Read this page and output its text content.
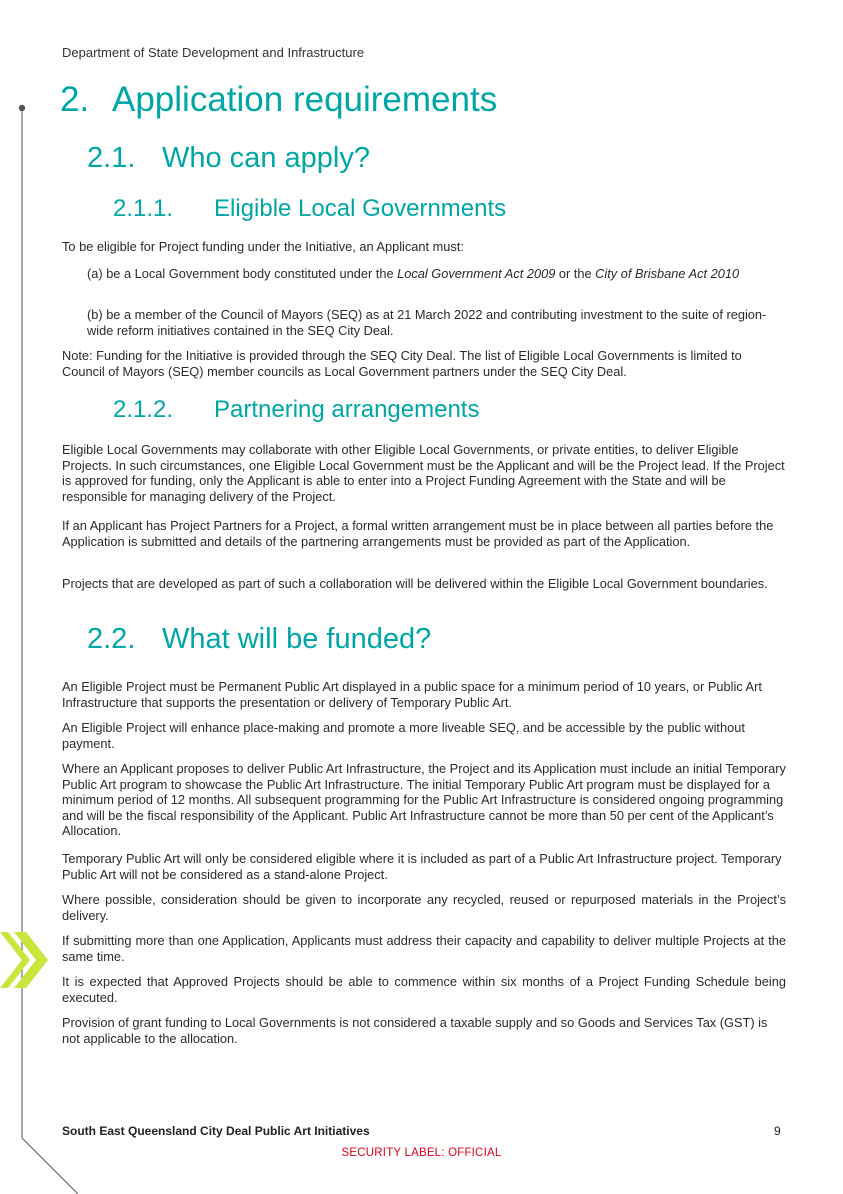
Department of State Development and Infrastructure
2. Application requirements
2.1. Who can apply?
2.1.1. Eligible Local Governments

To be eligible for Project funding under the Initiative, an Applicant must:

(a) be a Local Government body constituted under the Local Government Act 2009 or the City of Brisbane Act 2010

(b) be a member of the Council of Mayors (SEQ) as at 21 March 2022 and contributing investment to the suite of region-wide reform initiatives contained in the SEQ City Deal.

Note: Funding for the Initiative is provided through the SEQ City Deal. The list of Eligible Local Governments is limited to Council of Mayors (SEQ) member councils as Local Government partners under the SEQ City Deal.

2.1.2. Partnering arrangements

Eligible Local Governments may collaborate with other Eligible Local Governments, or private entities, to deliver Eligible Projects. In such circumstances, one Eligible Local Government must be the Applicant and will be the Project lead. If the Project is approved for funding, only the Applicant is able to enter into a Project Funding Agreement with the State and will be responsible for managing delivery of the Project.

If an Applicant has Project Partners for a Project, a formal written arrangement must be in place between all parties before the Application is submitted and details of the partnering arrangements must be provided as part of the Application.

Projects that are developed as part of such a collaboration will be delivered within the Eligible Local Government boundaries.

2.2. What will be funded?

An Eligible Project must be Permanent Public Art displayed in a public space for a minimum period of 10 years, or Public Art Infrastructure that supports the presentation or delivery of Temporary Public Art.

An Eligible Project will enhance place-making and promote a more liveable SEQ, and be accessible by the public without payment.

Where an Applicant proposes to deliver Public Art Infrastructure, the Project and its Application must include an initial Temporary Public Art program to showcase the Public Art Infrastructure. The initial Temporary Public Art program must be displayed for a minimum period of 12 months. All subsequent programming for the Public Art Infrastructure is considered ongoing programming and will be the fiscal responsibility of the Applicant. Public Art Infrastructure cannot be more than 50 per cent of the Applicant’s Allocation.

Temporary Public Art will only be considered eligible where it is included as part of a Public Art Infrastructure project. Temporary Public Art will not be considered as a stand-alone Project.

Where possible, consideration should be given to incorporate any recycled, reused or repurposed materials in the Project’s delivery.

If submitting more than one Application, Applicants must address their capacity and capability to deliver multiple Projects at the same time.

It is expected that Approved Projects should be able to commence within six months of a Project Funding Schedule being executed.

Provision of grant funding to Local Governments is not considered a taxable supply and so Goods and Services Tax (GST) is not applicable to the allocation.

South East Queensland City Deal Public Art Initiatives	9
SECURITY LABEL: OFFICIAL
